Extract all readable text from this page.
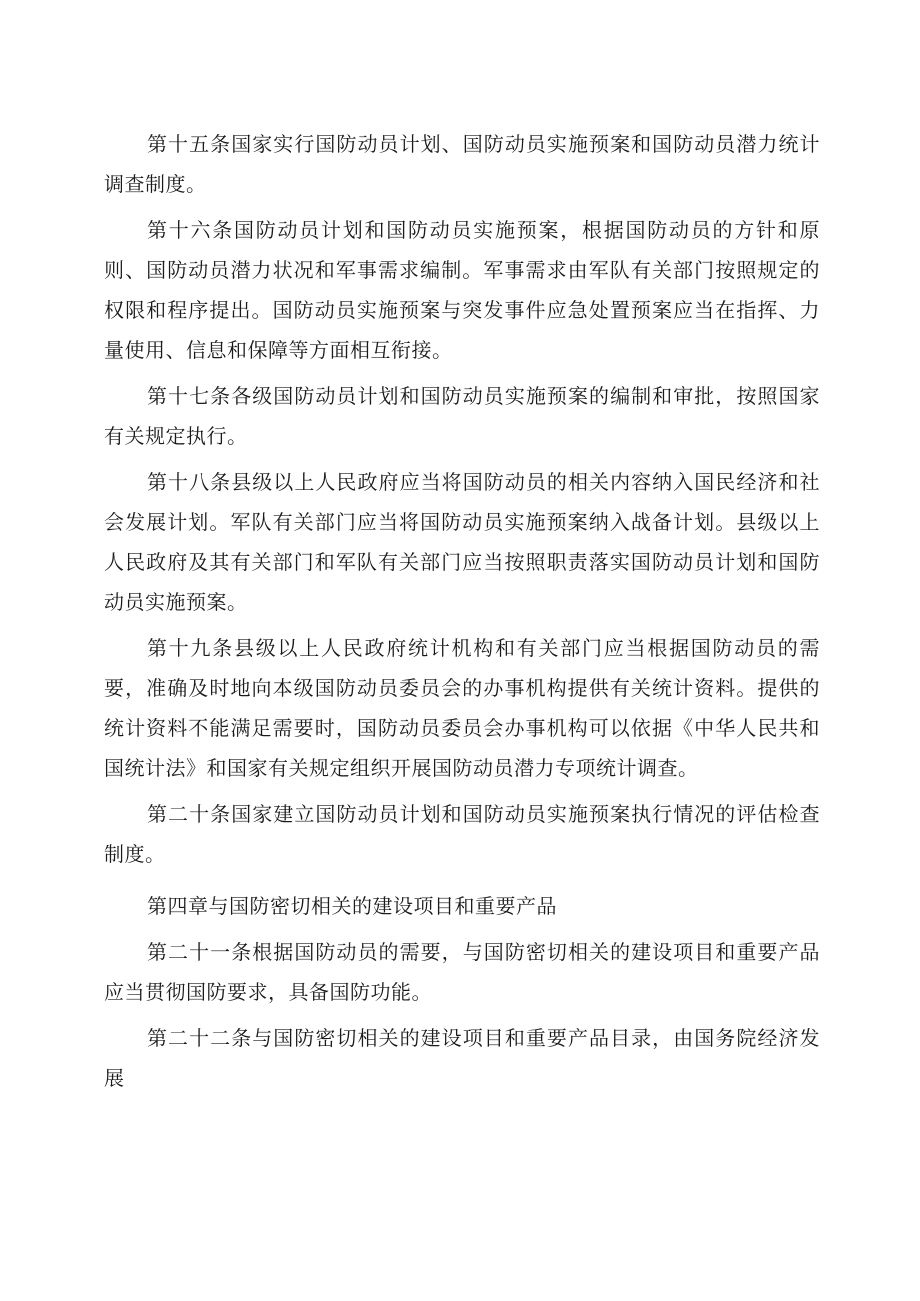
第十五条国家实行国防动员计划、国防动员实施预案和国防动员潜力统计调查制度。

第十六条国防动员计划和国防动员实施预案，根据国防动员的方针和原则、国防动员潜力状况和军事需求编制。军事需求由军队有关部门按照规定的权限和程序提出。国防动员实施预案与突发事件应急处置预案应当在指挥、力量使用、信息和保障等方面相互衔接。

第十七条各级国防动员计划和国防动员实施预案的编制和审批，按照国家有关规定执行。

第十八条县级以上人民政府应当将国防动员的相关内容纳入国民经济和社会发展计划。军队有关部门应当将国防动员实施预案纳入战备计划。县级以上人民政府及其有关部门和军队有关部门应当按照职责落实国防动员计划和国防动员实施预案。

第十九条县级以上人民政府统计机构和有关部门应当根据国防动员的需要，准确及时地向本级国防动员委员会的办事机构提供有关统计资料。提供的统计资料不能满足需要时，国防动员委员会办事机构可以依据《中华人民共和国统计法》和国家有关规定组织开展国防动员潜力专项统计调查。

第二十条国家建立国防动员计划和国防动员实施预案执行情况的评估检查制度。

第四章与国防密切相关的建设项目和重要产品

第二十一条根据国防动员的需要，与国防密切相关的建设项目和重要产品应当贯彻国防要求，具备国防功能。

第二十二条与国防密切相关的建设项目和重要产品目录，由国务院经济发展
